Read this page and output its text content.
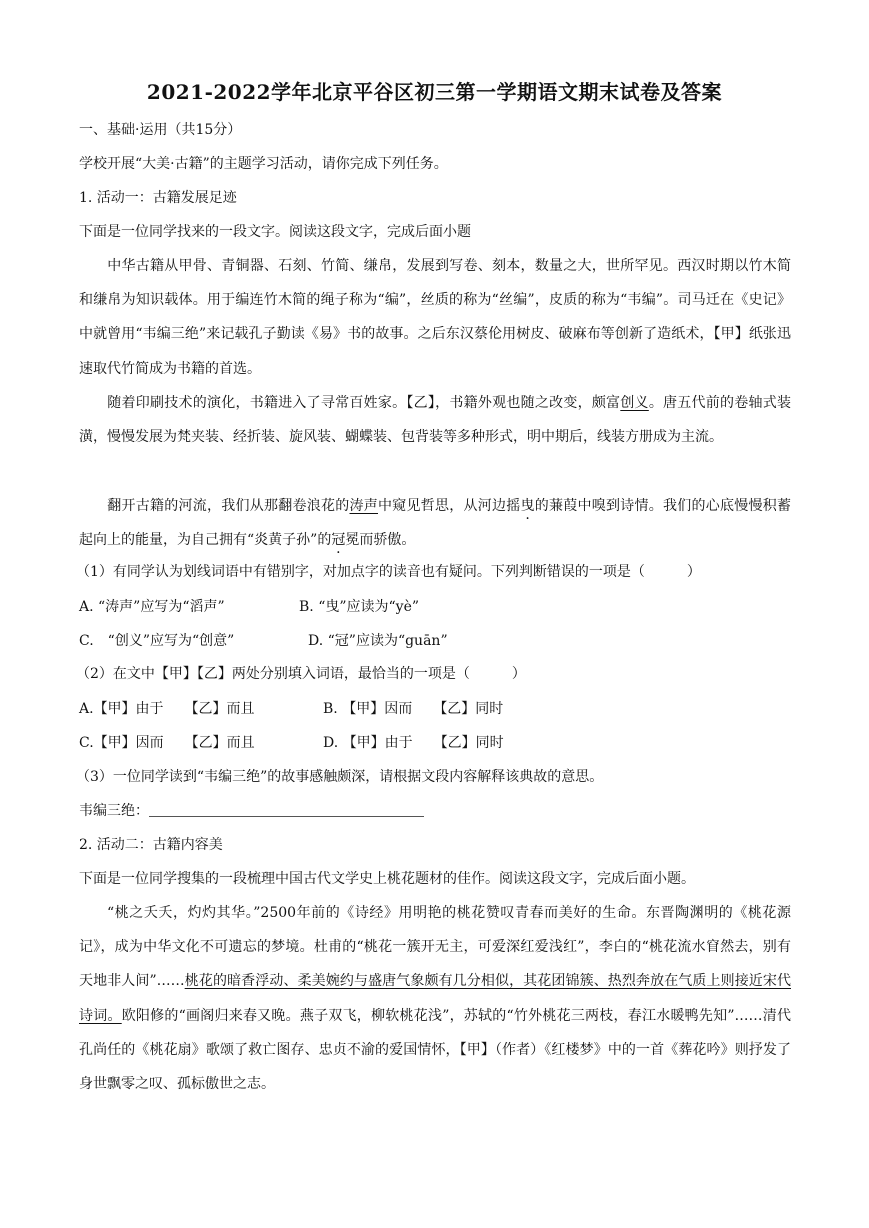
2021-2022学年北京平谷区初三第一学期语文期末试卷及答案
一、基础·运用（共15分）
学校开展“大美·古籍”的主题学习活动，请你完成下列任务。
1. 活动一：古籍发展足迹
下面是一位同学找来的一段文字。阅读这段文字，完成后面小题
中华古籍从甲骨、青铜器、石刻、竹简、缣帛，发展到写卷、刻本，数量之大，世所罕见。西汉时期以竹木简和缣帛为知识载体。用于编连竹木简的绳子称为“编”，丝质的称为“丝编”，皮质的称为“韦编”。司马迁在《史记》中就曾用“韦编三绝”来记载孔子勤读《易》书的故事。之后东汉蔡伦用树皮、破麻布等创新了造纸术，【甲】纸张迅速取代竹简成为书籍的首选。
随着印刷技术的演化，书籍进入了寻常百姓家。【乙】，书籍外观也随之改变，颇富创义。唐五代前的卷轴式装潢，慢慢发展为梵夹装、经折装、旋风装、蝴蝶装、包背装等多种形式，明中期后，线装方册成为主流。
翻开古籍的河流，我们从那翻卷浪花的涛声中窥见哲思，从河边摇曳的蒹葭中嗅到诗情。我们的心底慢慢积蓄起向上的能量，为自己拥有“炎黄子孙”的冠冕而骄傲。
（1）有同学认为划线词语中有错别字，对加点字的读音也有疑问。下列判断错误的一项是（　　　）
A. “涛声”应写为“滔声”	B. “曳”应读为“yè”
C.　“创义”应写为“创意”	D. “冠”应读为“guān”
（2）在文中【甲】【乙】两处分别填入词语，最恰当的一项是（　　　）
A.【甲】由于　　【乙】而且	B. 【甲】因而　　【乙】同时
C.【甲】因而　　【乙】而且	D. 【甲】由于　　【乙】同时
（3）一位同学读到“韦编三绝”的故事感触颇深，请根据文段内容解释该典故的意思。
韦编三绝：
2. 活动二：古籍内容美
下面是一位同学搜集的一段梳理中国古代文学史上桃花题材的佳作。阅读这段文字，完成后面小题。
“桃之夭夭，灼灼其华。”2500年前的《诗经》用明艳的桃花赞叹青春而美好的生命。东晋陶渊明的《桃花源记》，成为中华文化不可遗忘的梦境。杜甫的“桃花一簇开无主，可爱深红爱浅红”，李白的“桃花流水窅然去，别有天地非人间”……桃花的暗香浮动、柔美婉约与盛唐气象颇有几分相似，其花团锦簇、热烈奔放在气质上则接近宋代诗词。欧阳修的“画阁归来春又晚。燕子双飞，柳软桃花浅”，苏轼的“竹外桃花三两枝，春江水暖鸭先知”……清代孔尚任的《桃花扇》歌颂了救亡图存、忠贞不渝的爱国情怀，【甲】（作者）《红楼梦》中的一首《葬花吟》则抒发了身世飘零之叹、孤标傲世之志。
